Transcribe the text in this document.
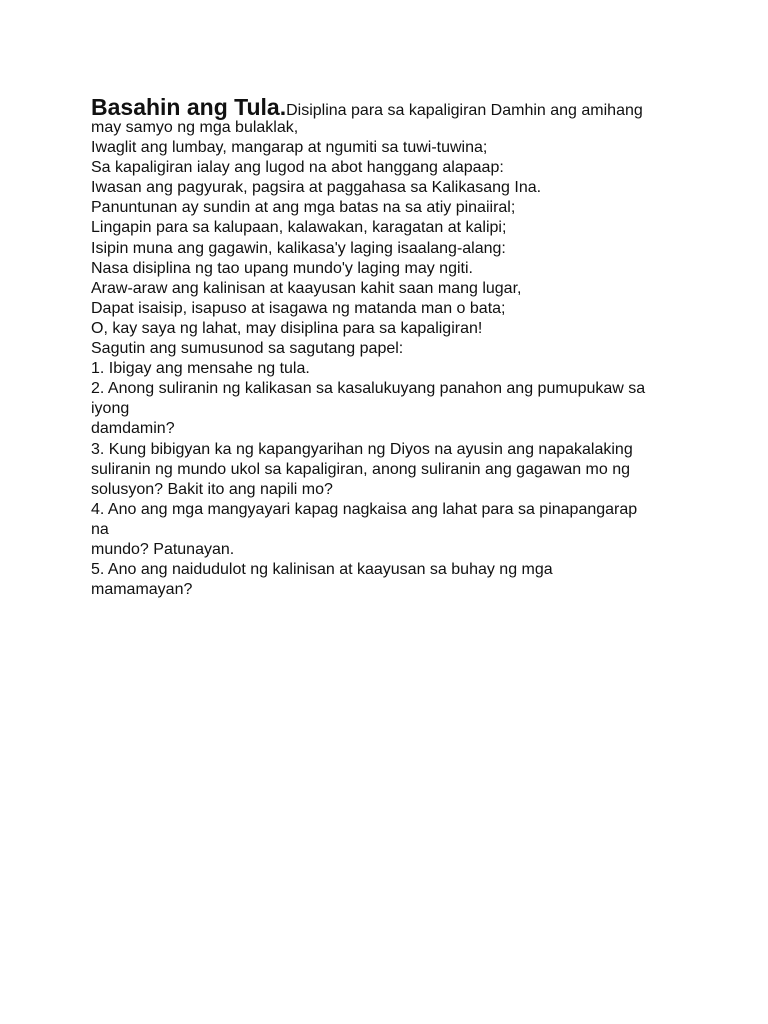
Basahin ang Tula.Disiplina para sa kapaligiran Damhin ang amihang
may samyo ng mga bulaklak,
Iwaglit ang lumbay, mangarap at ngumiti sa tuwi-tuwina;
Sa kapaligiran ialay ang lugod na abot hanggang alapaap:
Iwasan ang pagyurak, pagsira at paggahasa sa Kalikasang Ina.
Panuntunan ay sundin at ang mga batas na sa atiy pinaiiral;
Lingapin para sa kalupaan, kalawakan, karagatan at kalipi;
Isipin muna ang gagawin, kalikasa'y laging isaalang-alang:
Nasa disiplina ng tao upang mundo'y laging may ngiti.
Araw-araw ang kalinisan at kaayusan kahit saan mang lugar,
Dapat isaisip, isapuso at isagawa ng matanda man o bata;
O, kay saya ng lahat, may disiplina para sa kapaligiran!
Sagutin ang sumusunod sa sagutang papel:
1. Ibigay ang mensahe ng tula.
2. Anong suliranin ng kalikasan sa kasalukuyang panahon ang pumupukaw sa
iyong
damdamin?
3. Kung bibigyan ka ng kapangyarihan ng Diyos na ayusin ang napakalaking
suliranin ng mundo ukol sa kapaligiran, anong suliranin ang gagawan mo ng
solusyon? Bakit ito ang napili mo?
4. Ano ang mga mangyayari kapag nagkaisa ang lahat para sa pinapangarap
na
mundo? Patunayan.
5. Ano ang naidudulot ng kalinisan at kaayusan sa buhay ng mga
mamamayan?
